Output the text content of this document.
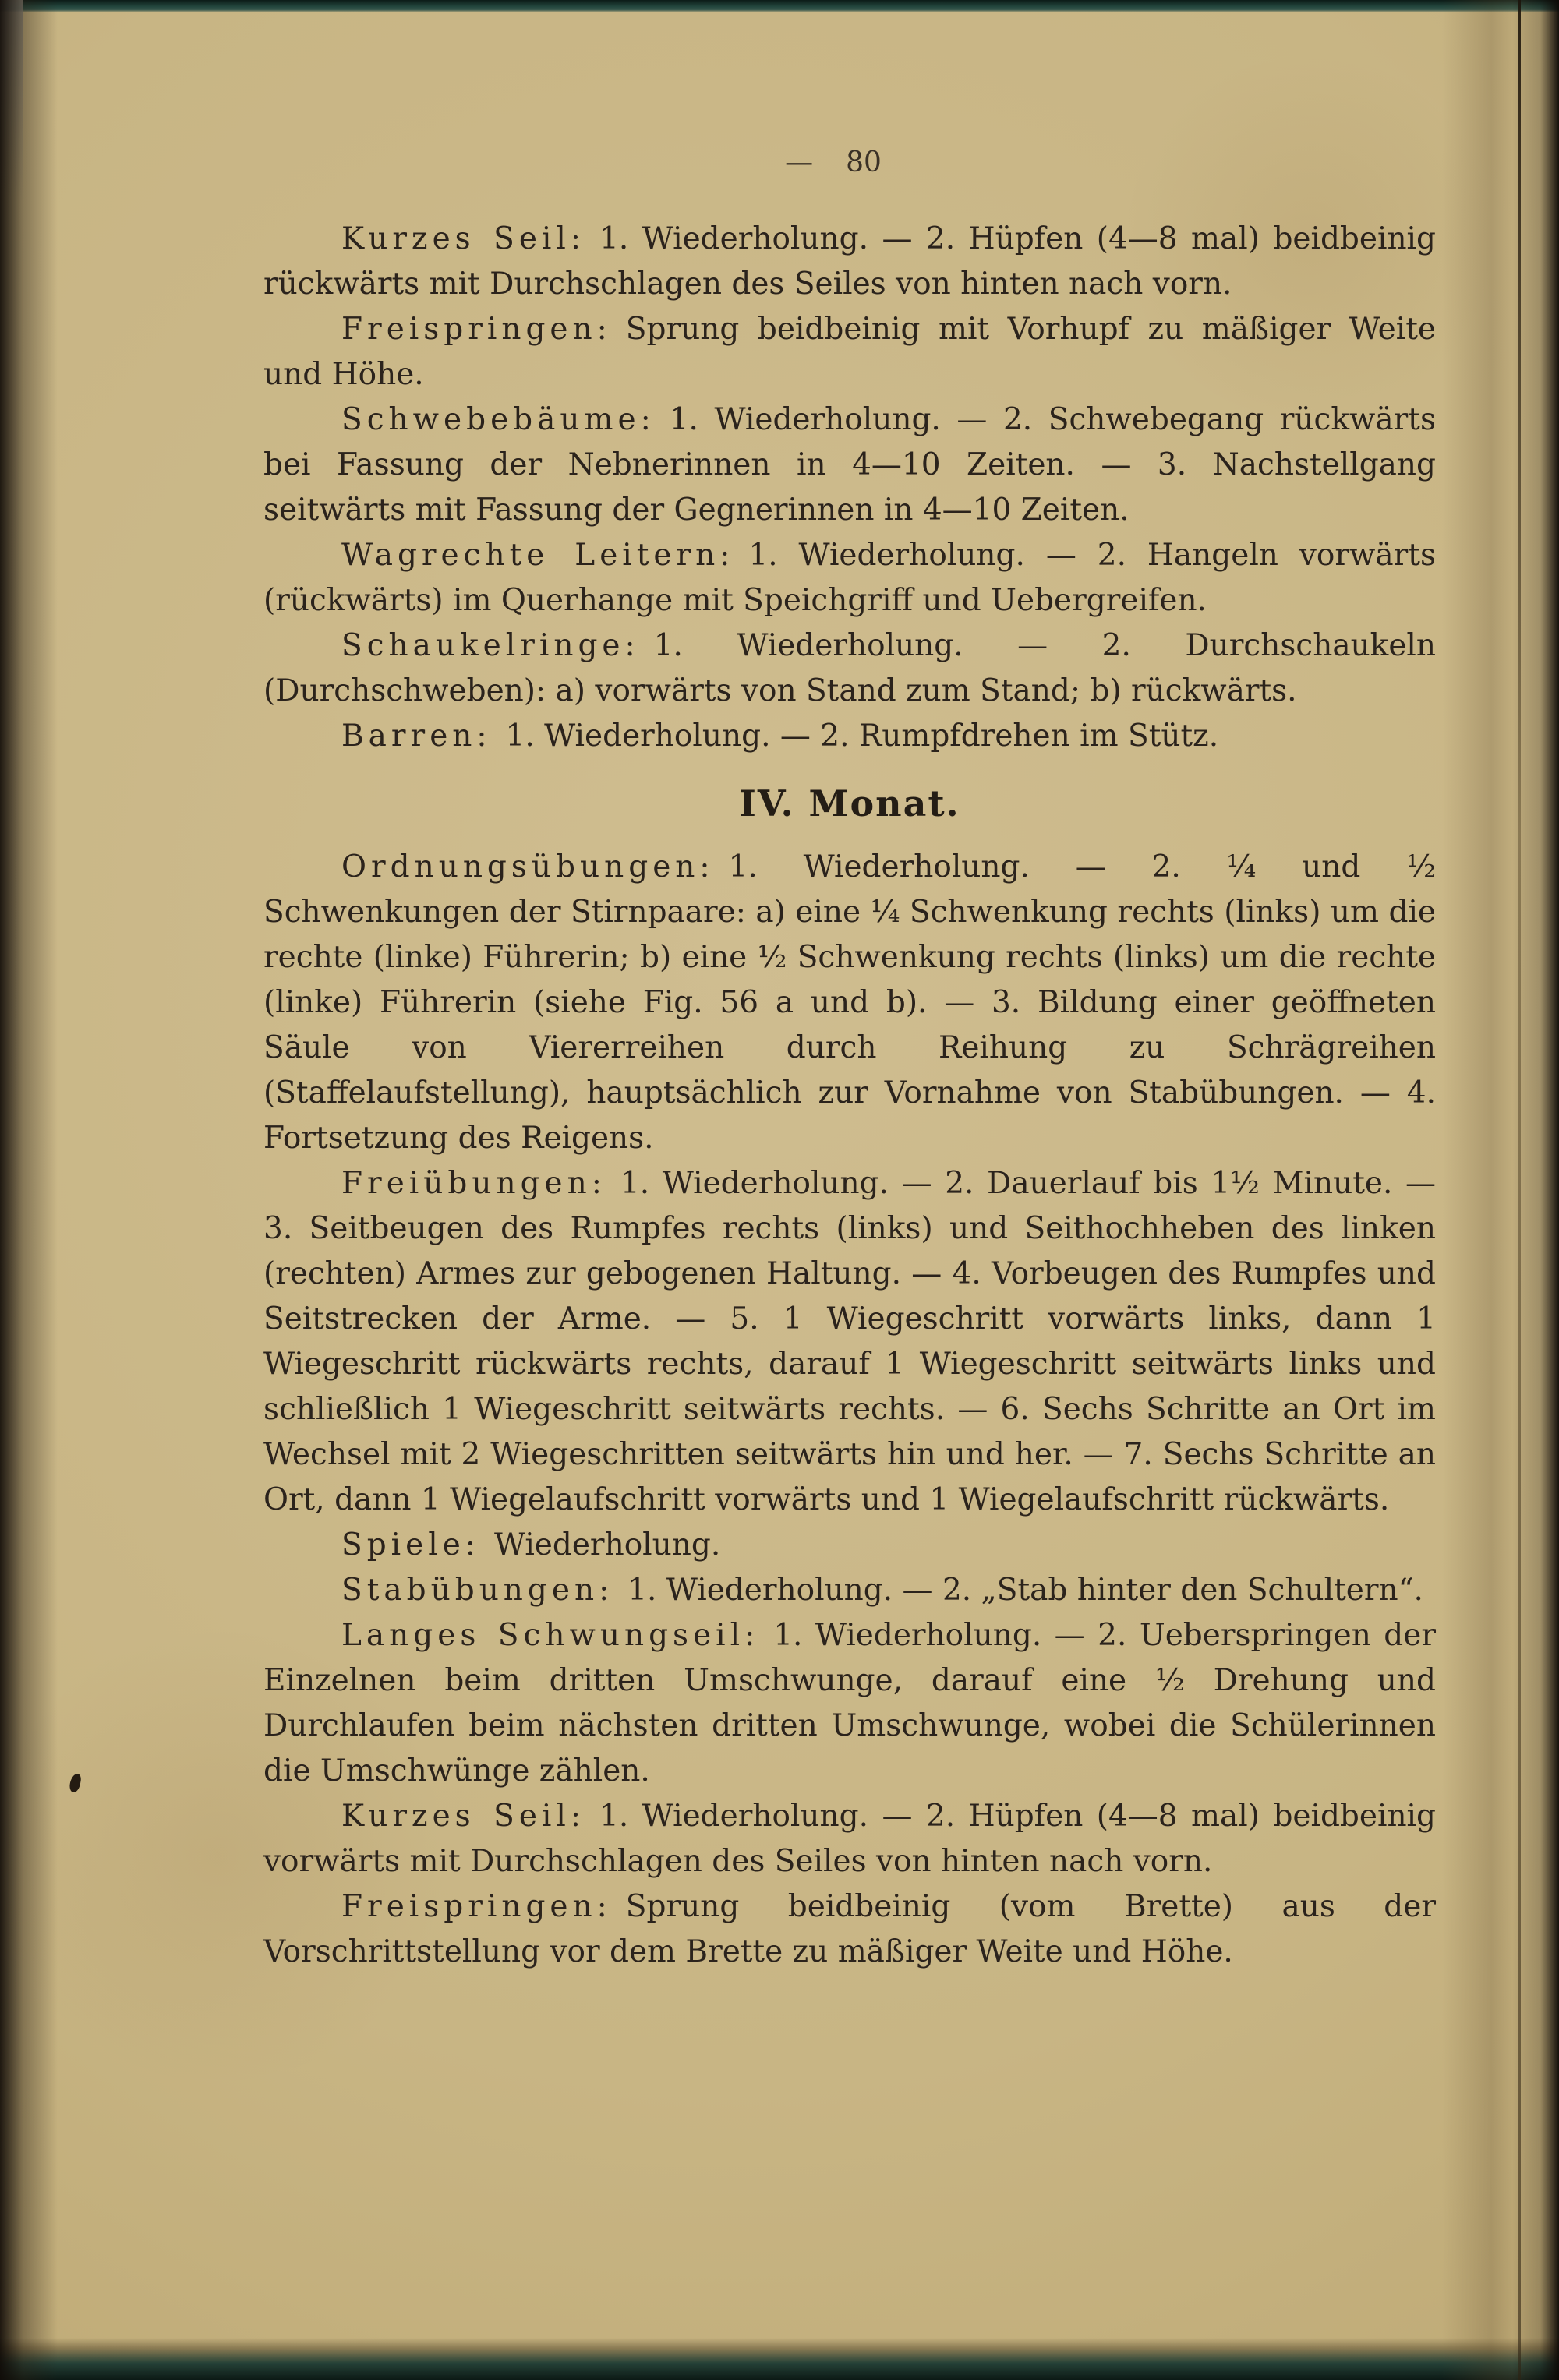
— 80

Kurzes Seil: 1. Wiederholung. — 2. Hüpfen (4—8 mal) beidbeinig rückwärts mit Durchschlagen des Seiles von hinten nach vorn.

Freispringen: Sprung beidbeinig mit Vorhupf zu mäßiger Weite und Höhe.

Schwebebäume: 1. Wiederholung. — 2. Schwebegang rückwärts bei Fassung der Nebnerinnen in 4—10 Zeiten. — 3. Nachstellgang seitwärts mit Fassung der Gegnerinnen in 4—10 Zeiten.

Wagrechte Leitern: 1. Wiederholung. — 2. Hangeln vorwärts (rückwärts) im Querhange mit Speichgriff und Uebergreifen.

Schaukelringe: 1. Wiederholung. — 2. Durchschaukeln (Durchschweben): a) vorwärts von Stand zum Stand; b) rückwärts.

Barren: 1. Wiederholung. — 2. Rumpfdrehen im Stütz.

IV. Monat.

Ordnungsübungen: 1. Wiederholung. — 2. ¼ und ½ Schwenkungen der Stirnpaare: a) eine ¼ Schwenkung rechts (links) um die rechte (linke) Führerin; b) eine ½ Schwenkung rechts (links) um die rechte (linke) Führerin (siehe Fig. 56 a und b). — 3. Bildung einer geöffneten Säule von Viererreihen durch Reihung zu Schrägreihen (Staffelaufstellung), hauptsächlich zur Vornahme von Stabübungen. — 4. Fortsetzung des Reigens.

Freiübungen: 1. Wiederholung. — 2. Dauerlauf bis 1½ Minute. — 3. Seitbeugen des Rumpfes rechts (links) und Seithochheben des linken (rechten) Armes zur gebogenen Haltung. — 4. Vorbeugen des Rumpfes und Seitstrecken der Arme. — 5. 1 Wiegeschritt vorwärts links, dann 1 Wiegeschritt rückwärts rechts, darauf 1 Wiegeschritt seitwärts links und schließlich 1 Wiegeschritt seitwärts rechts. — 6. Sechs Schritte an Ort im Wechsel mit 2 Wiegeschritten seitwärts hin und her. — 7. Sechs Schritte an Ort, dann 1 Wiegelaufschritt vorwärts und 1 Wiegelaufschritt rückwärts.

Spiele: Wiederholung.

Stabübungen: 1. Wiederholung. — 2. „Stab hinter den Schultern“.

Langes Schwungseil: 1. Wiederholung. — 2. Ueberspringen der Einzelnen beim dritten Umschwunge, darauf eine ½ Drehung und Durchlaufen beim nächsten dritten Umschwunge, wobei die Schülerinnen die Umschwünge zählen.

Kurzes Seil: 1. Wiederholung. — 2. Hüpfen (4—8 mal) beidbeinig vorwärts mit Durchschlagen des Seiles von hinten nach vorn.

Freispringen: Sprung beidbeinig (vom Brette) aus der Vorschrittstellung vor dem Brette zu mäßiger Weite und Höhe.
